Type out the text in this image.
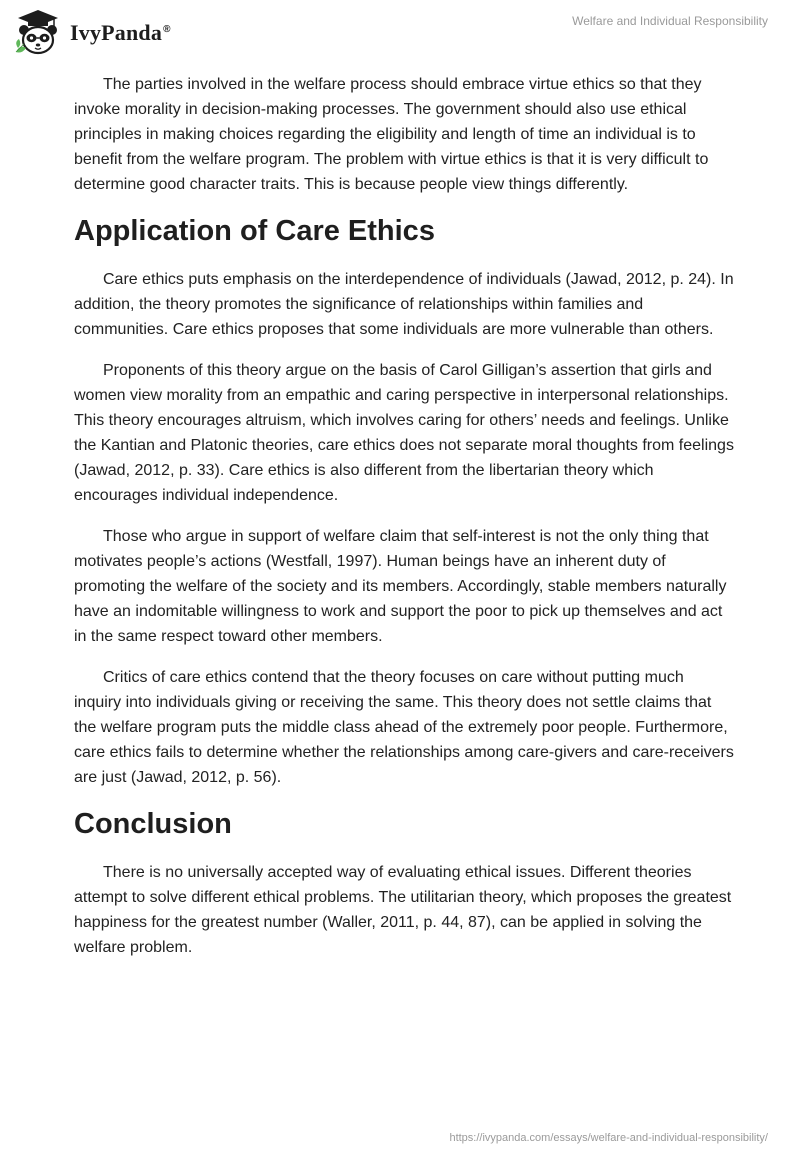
IvyPanda®
Welfare and Individual Responsibility

The parties involved in the welfare process should embrace virtue ethics so that they invoke morality in decision-making processes. The government should also use ethical principles in making choices regarding the eligibility and length of time an individual is to benefit from the welfare program. The problem with virtue ethics is that it is very difficult to determine good character traits. This is because people view things differently.

Application of Care Ethics

Care ethics puts emphasis on the interdependence of individuals (Jawad, 2012, p. 24). In addition, the theory promotes the significance of relationships within families and communities. Care ethics proposes that some individuals are more vulnerable than others.

Proponents of this theory argue on the basis of Carol Gilligan’s assertion that girls and women view morality from an empathic and caring perspective in interpersonal relationships. This theory encourages altruism, which involves caring for others’ needs and feelings. Unlike the Kantian and Platonic theories, care ethics does not separate moral thoughts from feelings (Jawad, 2012, p. 33). Care ethics is also different from the libertarian theory which encourages individual independence.

Those who argue in support of welfare claim that self-interest is not the only thing that motivates people’s actions (Westfall, 1997). Human beings have an inherent duty of promoting the welfare of the society and its members. Accordingly, stable members naturally have an indomitable willingness to work and support the poor to pick up themselves and act in the same respect toward other members.

Critics of care ethics contend that the theory focuses on care without putting much inquiry into individuals giving or receiving the same. This theory does not settle claims that the welfare program puts the middle class ahead of the extremely poor people. Furthermore, care ethics fails to determine whether the relationships among care-givers and care-receivers are just (Jawad, 2012, p. 56).

Conclusion

There is no universally accepted way of evaluating ethical issues. Different theories attempt to solve different ethical problems. The utilitarian theory, which proposes the greatest happiness for the greatest number (Waller, 2011, p. 44, 87), can be applied in solving the welfare problem.

https://ivypanda.com/essays/welfare-and-individual-responsibility/
